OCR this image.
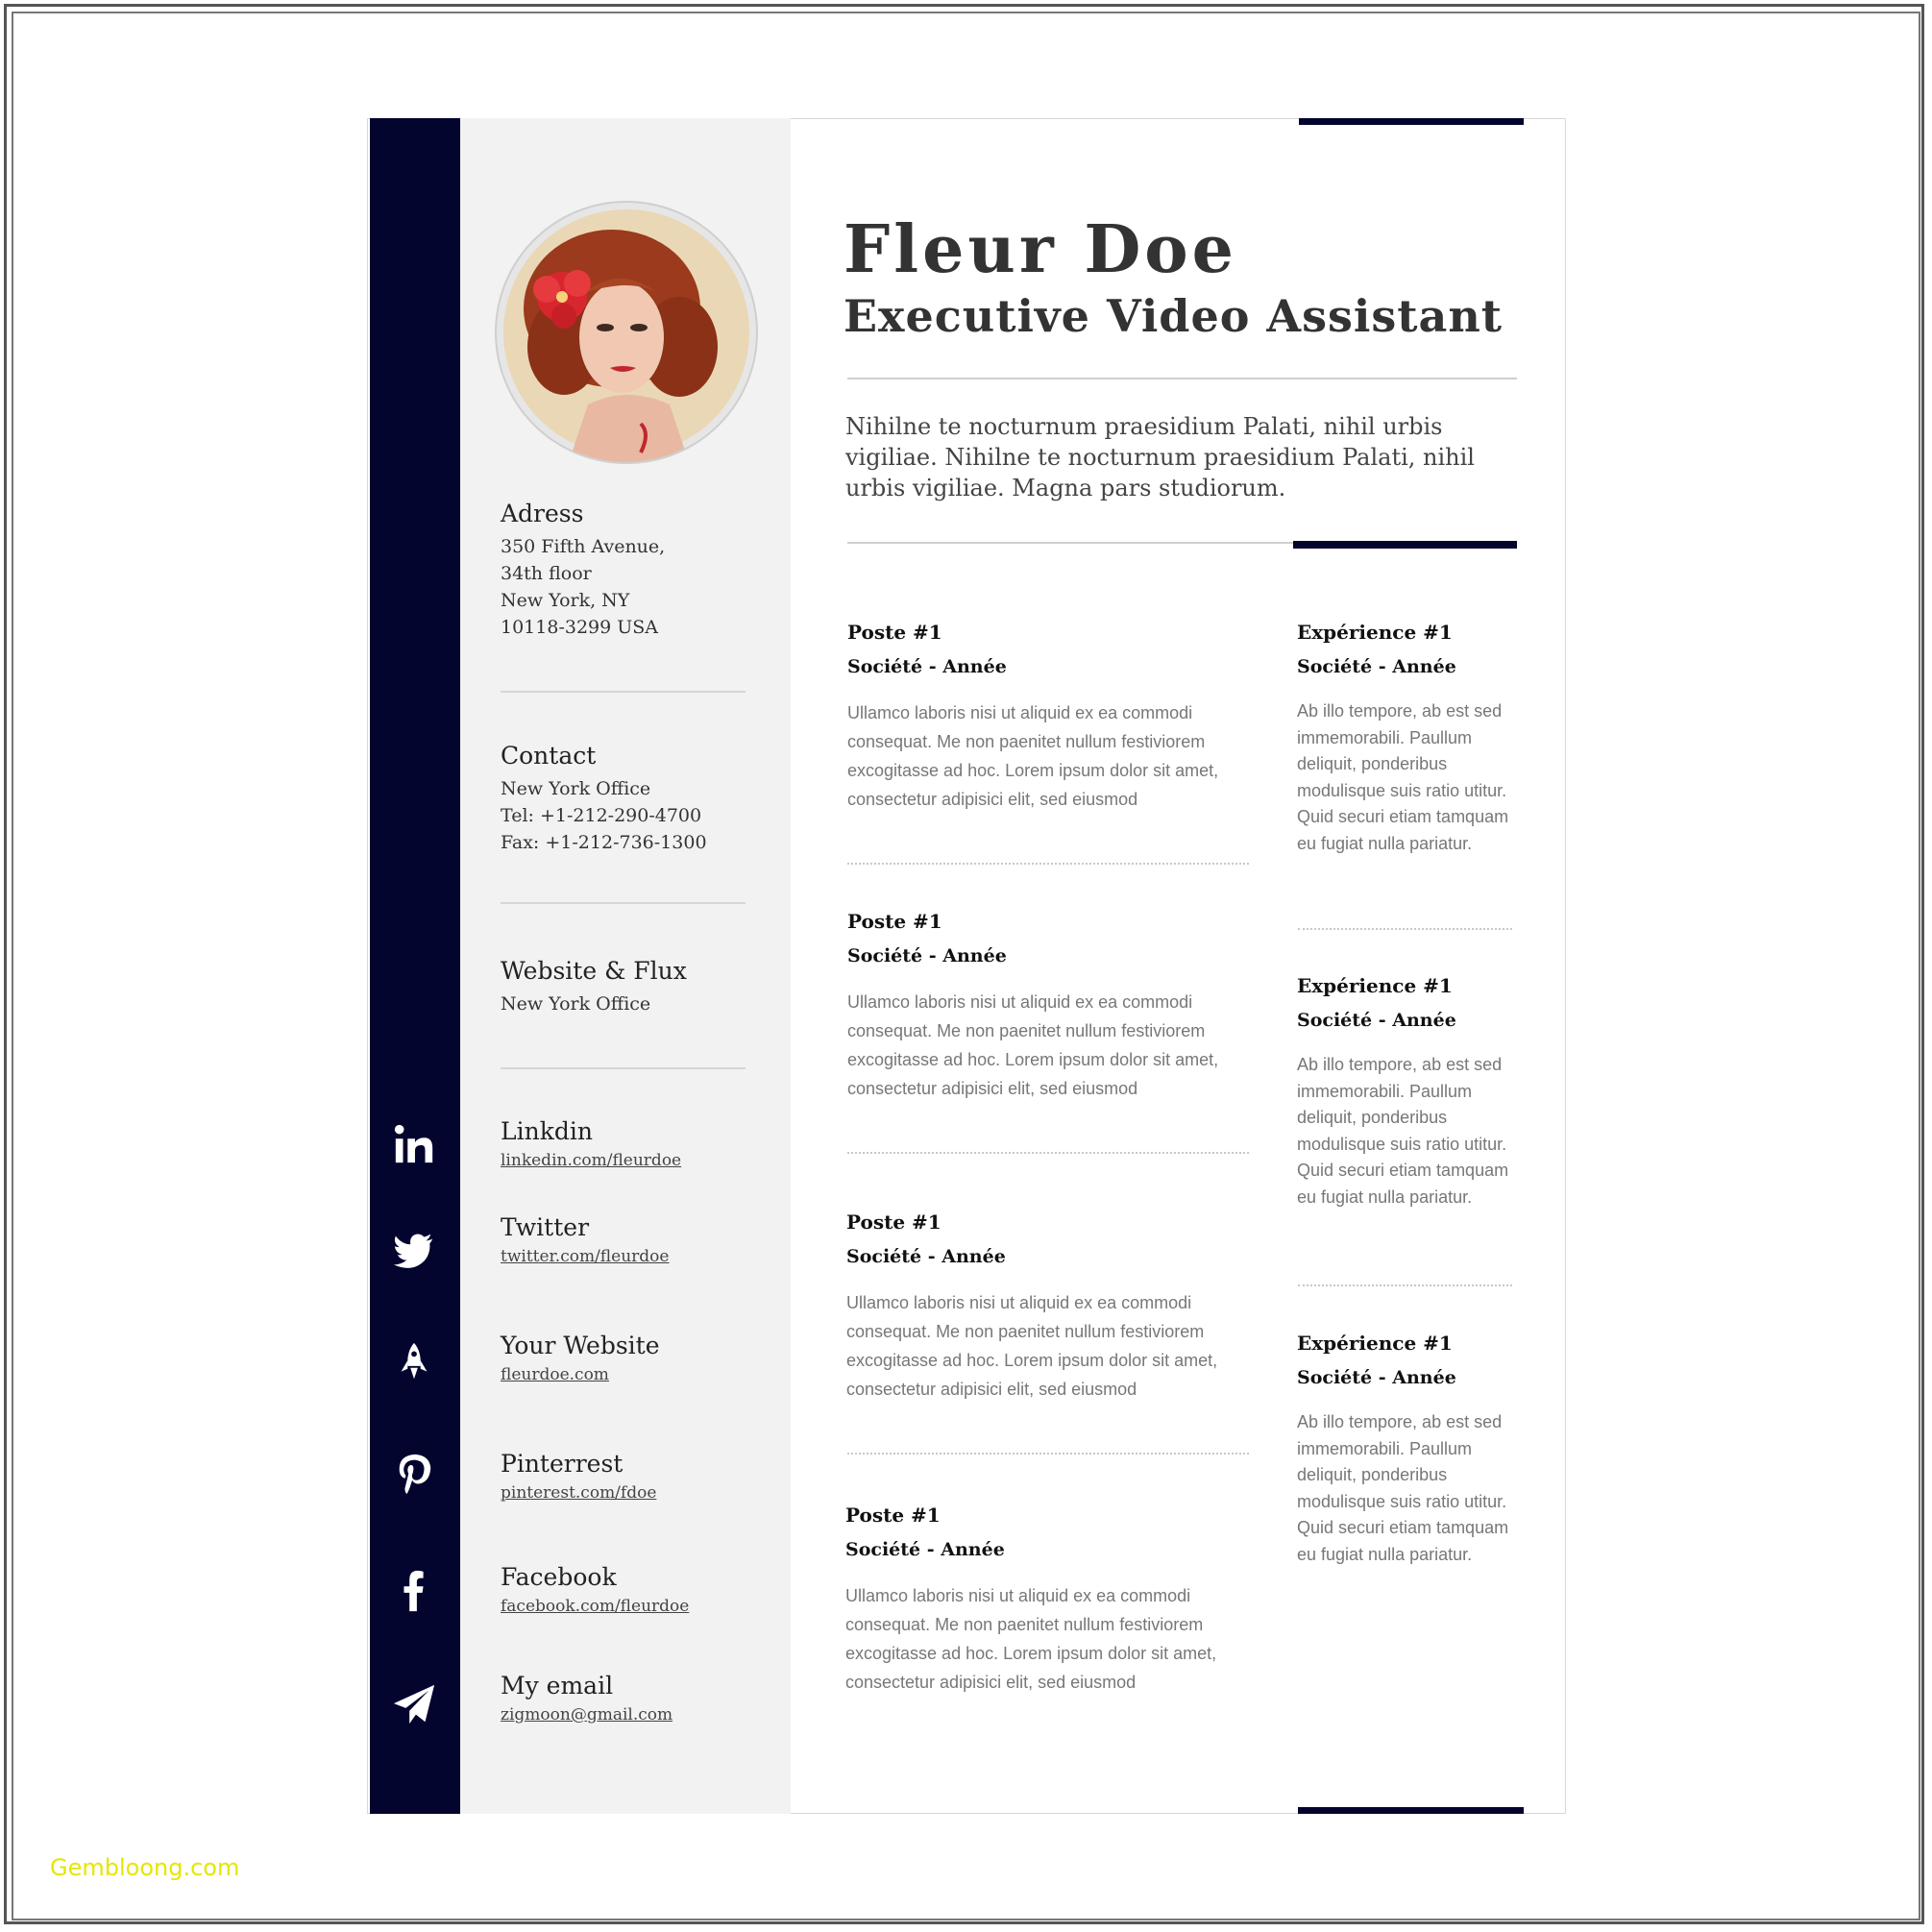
Adress

350 Fifth Avenue,

34th floor

New York, NY

10118-3299 USA

Contact

New York Office

Tel: +1-212-290-4700

Fax: +1-212-736-1300

Website & Flux

New York Office

Linkdin

linkedin.com/fleurdoe

Twitter

twitter.com/fleurdoe

Your Website

fleurdoe.com

Pinterrest

pinterest.com/fdoe

Facebook

facebook.com/fleurdoe

My email

zigmoon@gmail.com
Fleur Doe
Executive Video Assistant

Nihilne te nocturnum praesidium Palati, nihil urbis vigiliae. Nihilne te nocturnum praesidium Palati, nihil urbis vigiliae. Magna pars studiorum.

Poste #1

Société - Année

Ullamco laboris nisi ut aliquid ex ea commodi consequat. Me non paenitet nullum festiviorem excogitasse ad hoc. Lorem ipsum dolor sit amet, consectetur adipisici elit, sed eiusmod

Poste #1

Société - Année

Ullamco laboris nisi ut aliquid ex ea commodi consequat. Me non paenitet nullum festiviorem excogitasse ad hoc. Lorem ipsum dolor sit amet, consectetur adipisici elit, sed eiusmod

Poste #1

Société - Année

Ullamco laboris nisi ut aliquid ex ea commodi consequat. Me non paenitet nullum festiviorem excogitasse ad hoc. Lorem ipsum dolor sit amet, consectetur adipisici elit, sed eiusmod

Poste #1

Société - Année

Ullamco laboris nisi ut aliquid ex ea commodi consequat. Me non paenitet nullum festiviorem excogitasse ad hoc. Lorem ipsum dolor sit amet, consectetur adipisici elit, sed eiusmod

Expérience #1

Société - Année

Ab illo tempore, ab est sed immemorabili. Paullum deliquit, ponderibus modulisque suis ratio utitur. Quid securi etiam tamquam eu fugiat nulla pariatur.

Expérience #1

Société - Année

Ab illo tempore, ab est sed immemorabili. Paullum deliquit, ponderibus modulisque suis ratio utitur. Quid securi etiam tamquam eu fugiat nulla pariatur.

Expérience #1

Société - Année

Ab illo tempore, ab est sed immemorabili. Paullum deliquit, ponderibus modulisque suis ratio utitur. Quid securi etiam tamquam eu fugiat nulla pariatur.

Gembloong.com
